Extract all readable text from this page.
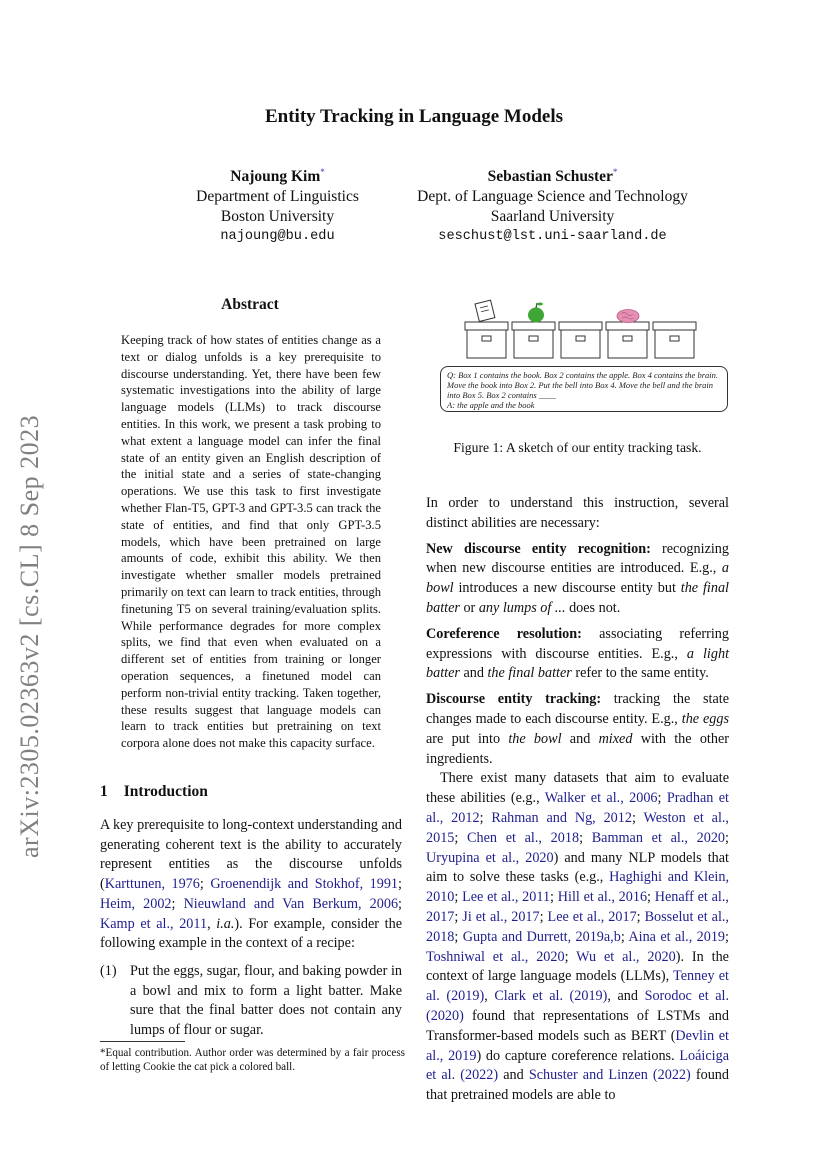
arXiv:2305.02363v2 [cs.CL] 8 Sep 2023
Entity Tracking in Language Models
Najoung Kim*
Department of Linguistics
Boston University
najoung@bu.edu
Sebastian Schuster*
Dept. of Language Science and Technology
Saarland University
seschust@lst.uni-saarland.de
Abstract
Keeping track of how states of entities change as a text or dialog unfolds is a key prerequisite to discourse understanding. Yet, there have been few systematic investigations into the ability of large language models (LLMs) to track discourse entities. In this work, we present a task probing to what extent a language model can infer the final state of an entity given an English description of the initial state and a series of state-changing operations. We use this task to first investigate whether Flan-T5, GPT-3 and GPT-3.5 can track the state of entities, and find that only GPT-3.5 models, which have been pretrained on large amounts of code, exhibit this ability. We then investigate whether smaller models pretrained primarily on text can learn to track entities, through finetuning T5 on several training/evaluation splits. While performance degrades for more complex splits, we find that even when evaluated on a different set of entities from training or longer operation sequences, a finetuned model can perform non-trivial entity tracking. Taken together, these results suggest that language models can learn to track entities but pretraining on text corpora alone does not make this capacity surface.
1 Introduction
A key prerequisite to long-context understanding and generating coherent text is the ability to accurately represent entities as the discourse unfolds (Karttunen, 1976; Groenendijk and Stokhof, 1991; Heim, 2002; Nieuwland and Van Berkum, 2006; Kamp et al., 2011, i.a.). For example, consider the following example in the context of a recipe:
(1) Put the eggs, sugar, flour, and baking powder in a bowl and mix to form a light batter. Make sure that the final batter does not contain any lumps of flour or sugar.
*Equal contribution. Author order was determined by a fair process of letting Cookie the cat pick a colored ball.
Q: Box 1 contains the book. Box 2 contains the apple. Box 4 contains the brain. Move the book into Box 2. Put the bell into Box 4. Move the bell and the brain into Box 5. Box 2 contains ____
A: the apple and the book
Figure 1: A sketch of our entity tracking task.

In order to understand this instruction, several distinct abilities are necessary:

New discourse entity recognition: recognizing when new discourse entities are introduced. E.g., a bowl introduces a new discourse entity but the final batter or any lumps of ... does not.

Coreference resolution: associating referring expressions with discourse entities. E.g., a light batter and the final batter refer to the same entity.

Discourse entity tracking: tracking the state changes made to each discourse entity. E.g., the eggs are put into the bowl and mixed with the other ingredients.

There exist many datasets that aim to evaluate these abilities (e.g., Walker et al., 2006; Pradhan et al., 2012; Rahman and Ng, 2012; Weston et al., 2015; Chen et al., 2018; Bamman et al., 2020; Uryupina et al., 2020) and many NLP models that aim to solve these tasks (e.g., Haghighi and Klein, 2010; Lee et al., 2011; Hill et al., 2016; Henaff et al., 2017; Ji et al., 2017; Lee et al., 2017; Bosselut et al., 2018; Gupta and Durrett, 2019a,b; Aina et al., 2019; Toshniwal et al., 2020; Wu et al., 2020). In the context of large language models (LLMs), Tenney et al. (2019), Clark et al. (2019), and Sorodoc et al. (2020) found that representations of LSTMs and Transformer-based models such as BERT (Devlin et al., 2019) do capture coreference relations. Loáiciga et al. (2022) and Schuster and Linzen (2022) found that pretrained models are able to
